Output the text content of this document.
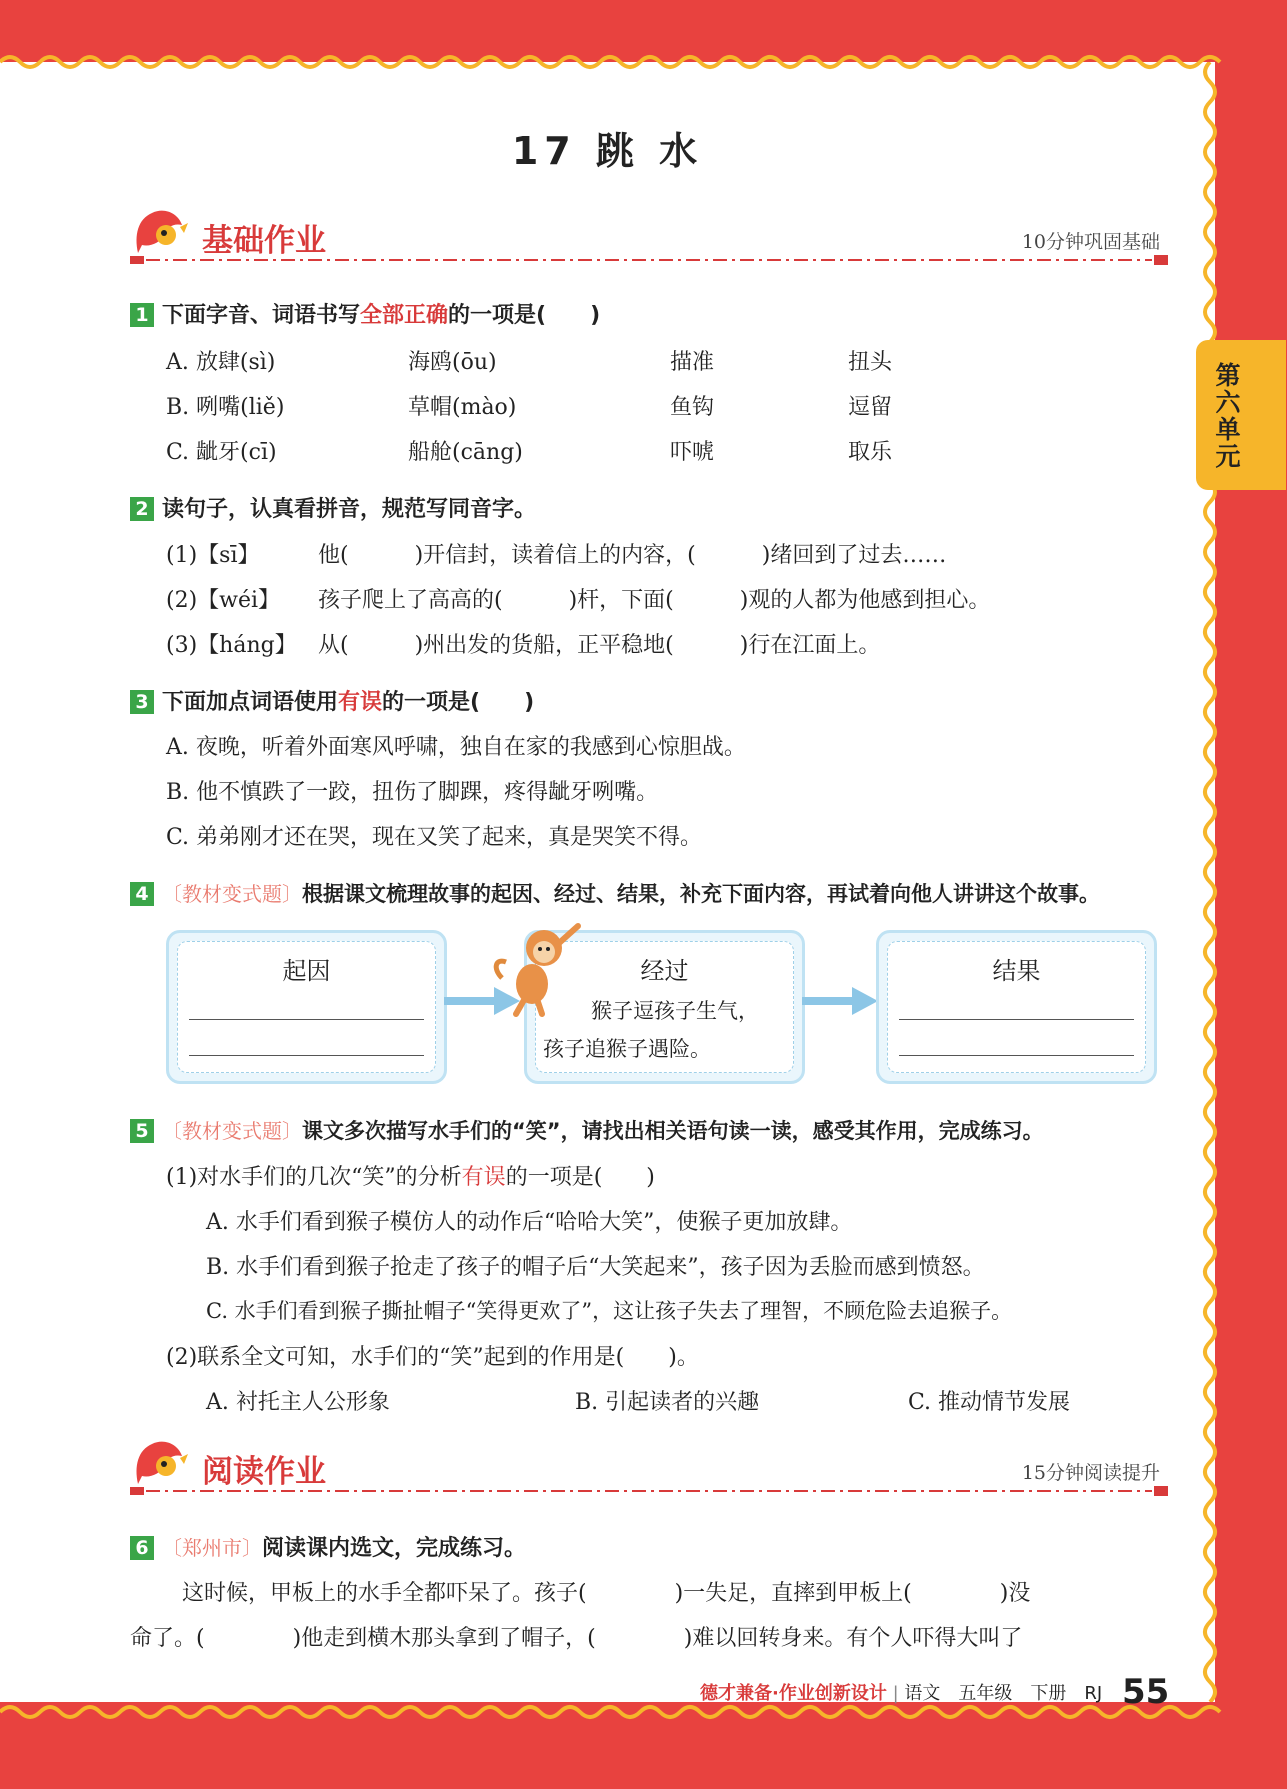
第六单元
17 跳 水
基础作业	10分钟巩固基础
1 下面字音、词语书写全部正确的一项是(　　)
A. 放肆(sì)	海鸥(ōu)	描准	扭头
B. 咧嘴(liě)	草帽(mào)	鱼钩	逗留
C. 龇牙(cī)	船舱(cāng)	吓唬	取乐
2 读句子，认真看拼音，规范写同音字。
(1)【sī】	他(　　　)开信封，读着信上的内容，(　　　)绪回到了过去……
(2)【wéi】 孩子爬上了高高的(　　　)杆，下面(　　　)观的人都为他感到担心。
(3)【háng】 从(　　　)州出发的货船，正平稳地(　　　)行在江面上。
3 下面加点词语使用有误的一项是(　　)
A. 夜晚，听着外面寒风呼啸，独自在家的我感到心惊胆战。
B. 他不慎跌了一跤，扭伤了脚踝，疼得龇牙咧嘴。
C. 弟弟刚才还在哭，现在又笑了起来，真是哭笑不得。
4 〔教材变式题〕根据课文梳理故事的起因、经过、结果，补充下面内容，再试着向他人讲讲这个故事。
起因	经过
猴子逗孩子生气，
孩子追猴子遇险。
结果
5 〔教材变式题〕课文多次描写水手们的“笑”，请找出相关语句读一读，感受其作用，完成练习。
(1)对水手们的几次“笑”的分析有误的一项是(　　)
A. 水手们看到猴子模仿人的动作后“哈哈大笑”，使猴子更加放肆。
B. 水手们看到猴子抢走了孩子的帽子后“大笑起来”，孩子因为丢脸而感到愤怒。
C. 水手们看到猴子撕扯帽子“笑得更欢了”，这让孩子失去了理智，不顾危险去追猴子。
(2)联系全文可知，水手们的“笑”起到的作用是(　　)。
A. 衬托主人公形象	B. 引起读者的兴趣	C. 推动情节发展
阅读作业	15分钟阅读提升
6 〔郑州市〕阅读课内选文，完成练习。
这时候，甲板上的水手全都吓呆了。孩子(　　　　)一失足，直摔到甲板上(　　　　)没
命了。(　　　　)他走到横木那头拿到了帽子，(　　　　)难以回转身来。有个人吓得大叫了
德才兼备·作业创新设计 | 语文　五年级　下册　RJ 55
